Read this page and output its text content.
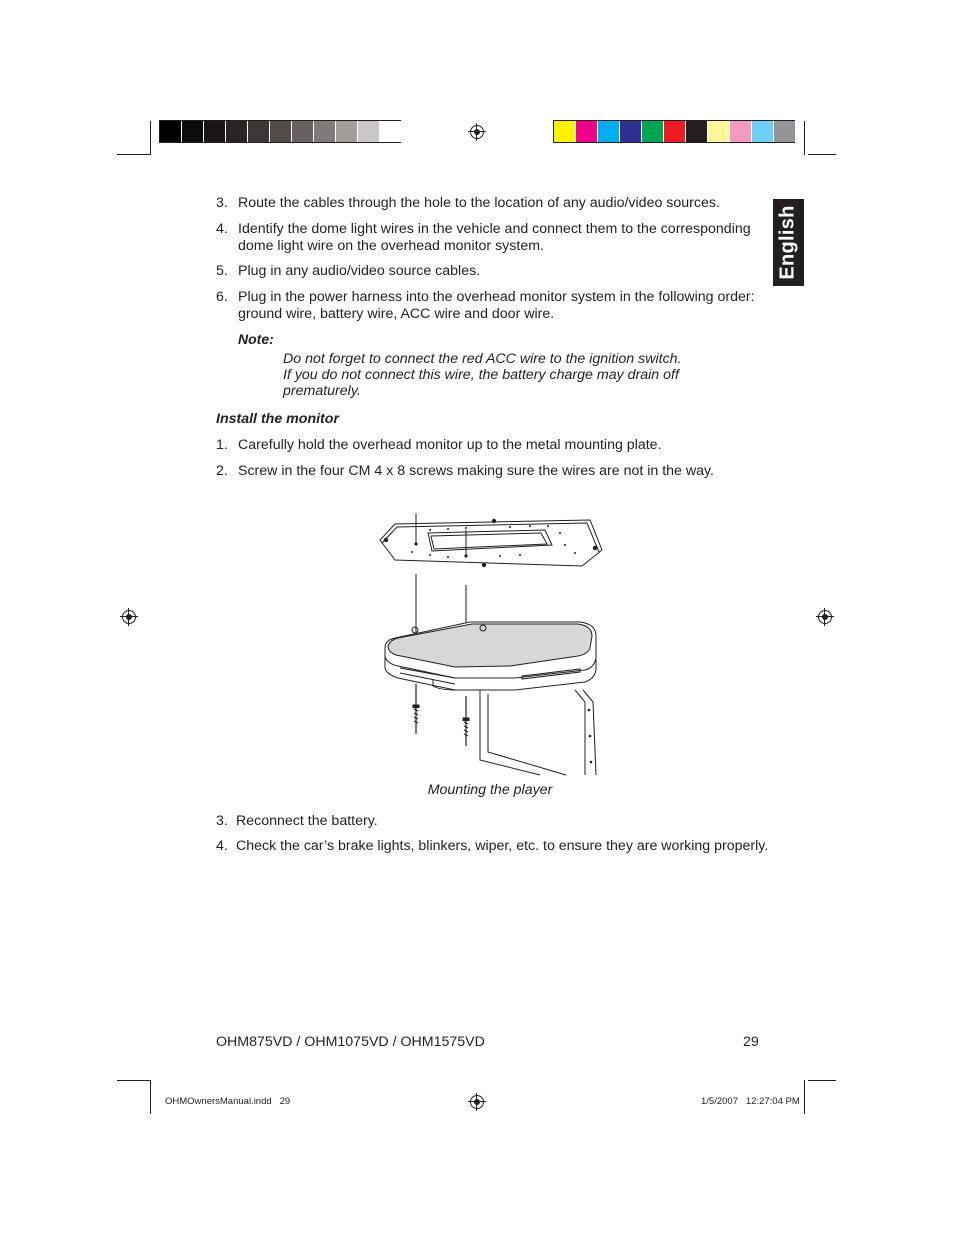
English
3. Route the cables through the hole to the location of any audio/video sources.
4. Identify the dome light wires in the vehicle and connect them to the corresponding dome light wire on the overhead monitor system.
5. Plug in any audio/video source cables.
6. Plug in the power harness into the overhead monitor system in the following order: ground wire, battery wire, ACC wire and door wire.
Note:
Do not forget to connect the red ACC wire to the ignition switch.
If you do not connect this wire, the battery charge may drain off
prematurely.
Install the monitor
1. Carefully hold the overhead monitor up to the metal mounting plate.
2. Screw in the four CM 4 x 8 screws making sure the wires are not in the way.
Mounting the player
3. Reconnect the battery.
4. Check the car’s brake lights, blinkers, wiper, etc. to ensure they are working properly.
OHM875VD / OHM1075VD / OHM1575VD	29
OHMOwnersManual.indd   29	1/5/2007   12:27:04 PM
